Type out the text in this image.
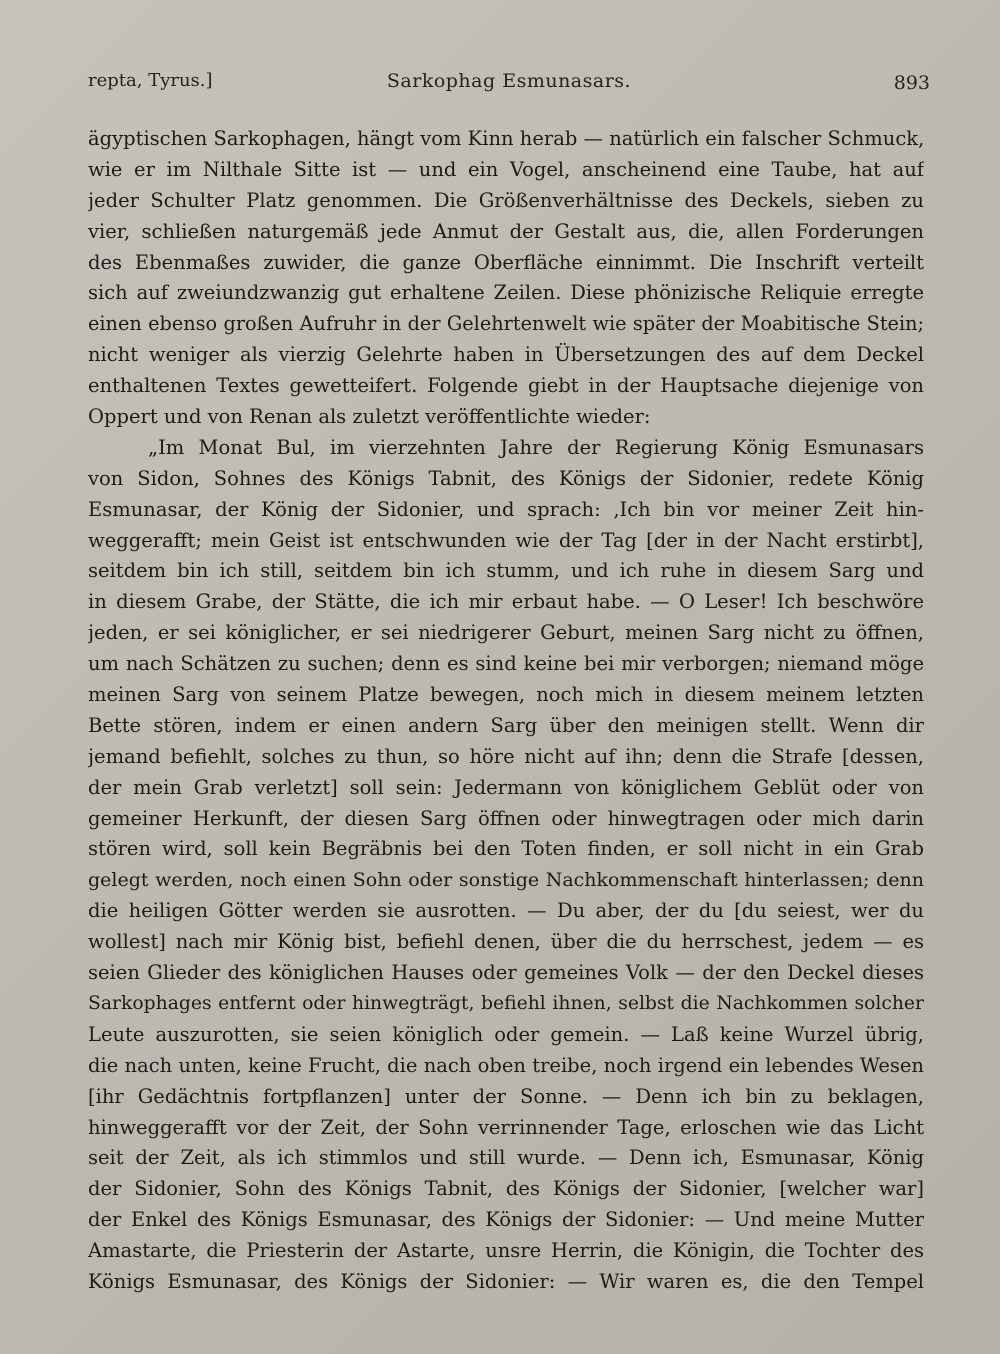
repta, Tyrus.]	Sarkophag Esmunasars.	893
ägyptischen Sarkophagen, hängt vom Kinn herab — natürlich ein falscher Schmuck,
wie er im Nilthale Sitte ist — und ein Vogel, anscheinend eine Taube, hat auf
jeder Schulter Platz genommen. Die Größenverhältnisse des Deckels, sieben zu
vier, schließen naturgemäß jede Anmut der Gestalt aus, die, allen Forderungen
des Ebenmaßes zuwider, die ganze Oberfläche einnimmt. Die Inschrift verteilt
sich auf zweiundzwanzig gut erhaltene Zeilen. Diese phönizische Reliquie erregte
einen ebenso großen Aufruhr in der Gelehrtenwelt wie später der Moabitische Stein;
nicht weniger als vierzig Gelehrte haben in Übersetzungen des auf dem Deckel
enthaltenen Textes gewetteifert. Folgende giebt in der Hauptsache diejenige von
Oppert und von Renan als zuletzt veröffentlichte wieder:
„Im Monat Bul, im vierzehnten Jahre der Regierung König Esmunasars
von Sidon, Sohnes des Königs Tabnit, des Königs der Sidonier, redete König
Esmunasar, der König der Sidonier, und sprach: ‚Ich bin vor meiner Zeit hin-
weggerafft; mein Geist ist entschwunden wie der Tag [der in der Nacht erstirbt],
seitdem bin ich still, seitdem bin ich stumm, und ich ruhe in diesem Sarg und
in diesem Grabe, der Stätte, die ich mir erbaut habe. — O Leser! Ich beschwöre
jeden, er sei königlicher, er sei niedrigerer Geburt, meinen Sarg nicht zu öffnen,
um nach Schätzen zu suchen; denn es sind keine bei mir verborgen; niemand möge
meinen Sarg von seinem Platze bewegen, noch mich in diesem meinem letzten
Bette stören, indem er einen andern Sarg über den meinigen stellt. Wenn dir
jemand befiehlt, solches zu thun, so höre nicht auf ihn; denn die Strafe [dessen,
der mein Grab verletzt] soll sein: Jedermann von königlichem Geblüt oder von
gemeiner Herkunft, der diesen Sarg öffnen oder hinwegtragen oder mich darin
stören wird, soll kein Begräbnis bei den Toten finden, er soll nicht in ein Grab
gelegt werden, noch einen Sohn oder sonstige Nachkommenschaft hinterlassen; denn
die heiligen Götter werden sie ausrotten. — Du aber, der du [du seiest, wer du
wollest] nach mir König bist, befiehl denen, über die du herrschest, jedem — es
seien Glieder des königlichen Hauses oder gemeines Volk — der den Deckel dieses
Sarkophages entfernt oder hinwegträgt, befiehl ihnen, selbst die Nachkommen solcher
Leute auszurotten, sie seien königlich oder gemein. — Laß keine Wurzel übrig,
die nach unten, keine Frucht, die nach oben treibe, noch irgend ein lebendes Wesen
[ihr Gedächtnis fortpflanzen] unter der Sonne. — Denn ich bin zu beklagen,
hinweggerafft vor der Zeit, der Sohn verrinnender Tage, erloschen wie das Licht
seit der Zeit, als ich stimmlos und still wurde. — Denn ich, Esmunasar, König
der Sidonier, Sohn des Königs Tabnit, des Königs der Sidonier, [welcher war]
der Enkel des Königs Esmunasar, des Königs der Sidonier: — Und meine Mutter
Amastarte, die Priesterin der Astarte, unsre Herrin, die Königin, die Tochter des
Königs Esmunasar, des Königs der Sidonier: — Wir waren es, die den Tempel
